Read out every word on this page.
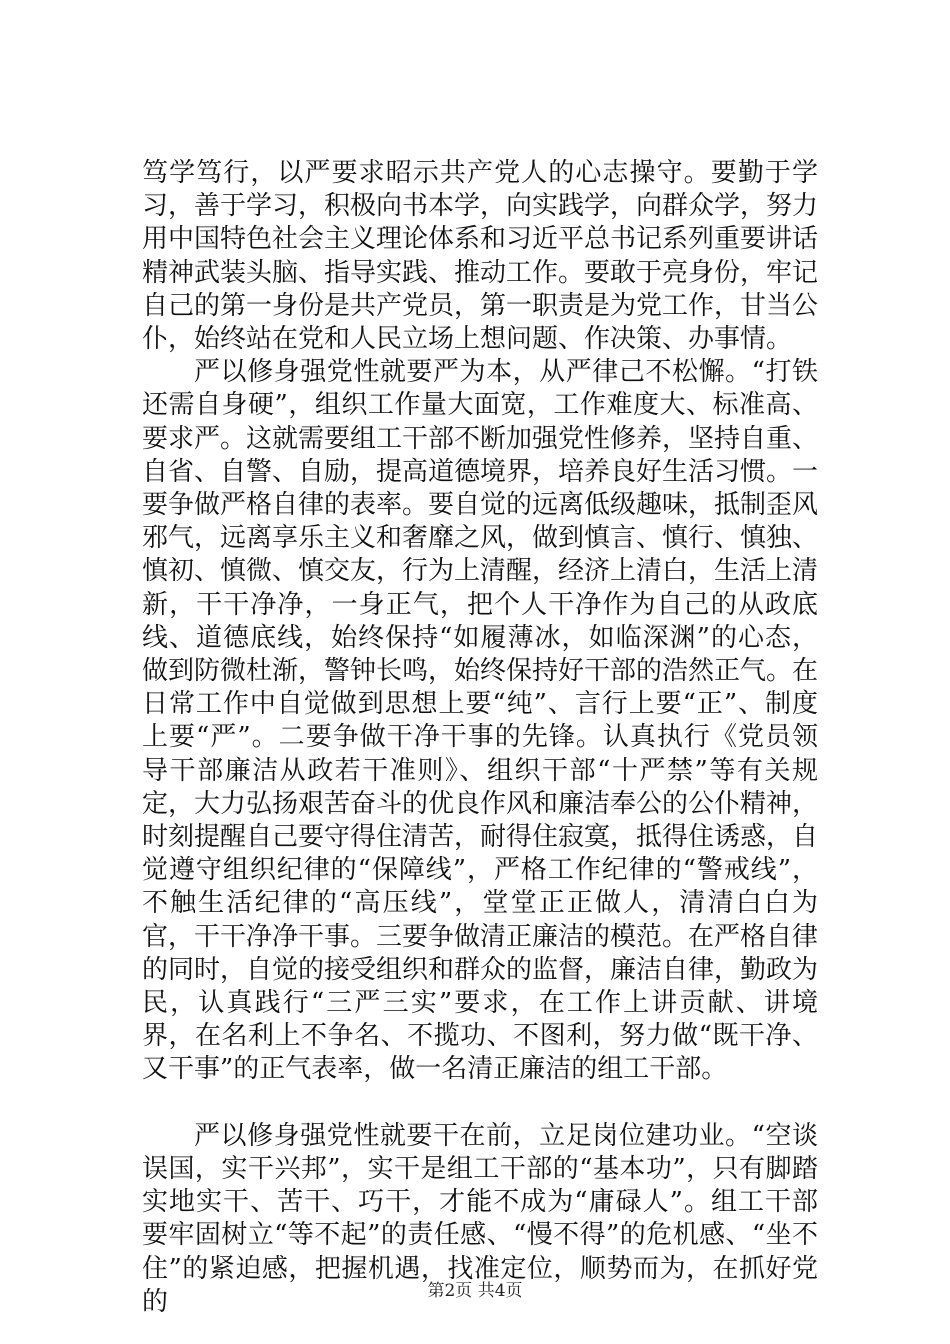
笃学笃行，以严要求昭示共产党人的心志操守。要勤于学习，善于学习，积极向书本学，向实践学，向群众学，努力用中国特色社会主义理论体系和习近平总书记系列重要讲话精神武装头脑、指导实践、推动工作。要敢于亮身份，牢记自己的第一身份是共产党员，第一职责是为党工作，甘当公仆，始终站在党和人民立场上想问题、作决策、办事情。

严以修身强党性就要严为本，从严律己不松懈。“打铁还需自身硬”，组织工作量大面宽，工作难度大、标准高、要求严。这就需要组工干部不断加强党性修养，坚持自重、自省、自警、自励，提高道德境界，培养良好生活习惯。一要争做严格自律的表率。要自觉的远离低级趣味，抵制歪风邪气，远离享乐主义和奢靡之风，做到慎言、慎行、慎独、慎初、慎微、慎交友，行为上清醒，经济上清白，生活上清新，干干净净，一身正气，把个人干净作为自己的从政底线、道德底线，始终保持“如履薄冰，如临深渊”的心态，做到防微杜渐，警钟长鸣，始终保持好干部的浩然正气。在日常工作中自觉做到思想上要“纯”、言行上要“正”、制度上要“严”。二要争做干净干事的先锋。认真执行《党员领导干部廉洁从政若干准则》、组织干部“十严禁”等有关规定，大力弘扬艰苦奋斗的优良作风和廉洁奉公的公仆精神，时刻提醒自己要守得住清苦，耐得住寂寞，抵得住诱惑，自觉遵守组织纪律的“保障线”，严格工作纪律的“警戒线”，不触生活纪律的“高压线”，堂堂正正做人，清清白白为官，干干净净干事。三要争做清正廉洁的模范。在严格自律的同时，自觉的接受组织和群众的监督，廉洁自律，勤政为民，认真践行“三严三实”要求，在工作上讲贡献、讲境界，在名利上不争名、不揽功、不图利，努力做“既干净、又干事”的正气表率，做一名清正廉洁的组工干部。

严以修身强党性就要干在前，立足岗位建功业。“空谈误国，实干兴邦”，实干是组工干部的“基本功”，只有脚踏实地实干、苦干、巧干，才能不成为“庸碌人”。组工干部要牢固树立“等不起”的责任感、“慢不得”的危机感、“坐不住”的紧迫感，把握机遇，找准定位，顺势而为，在抓好党的	第2页 共4页
